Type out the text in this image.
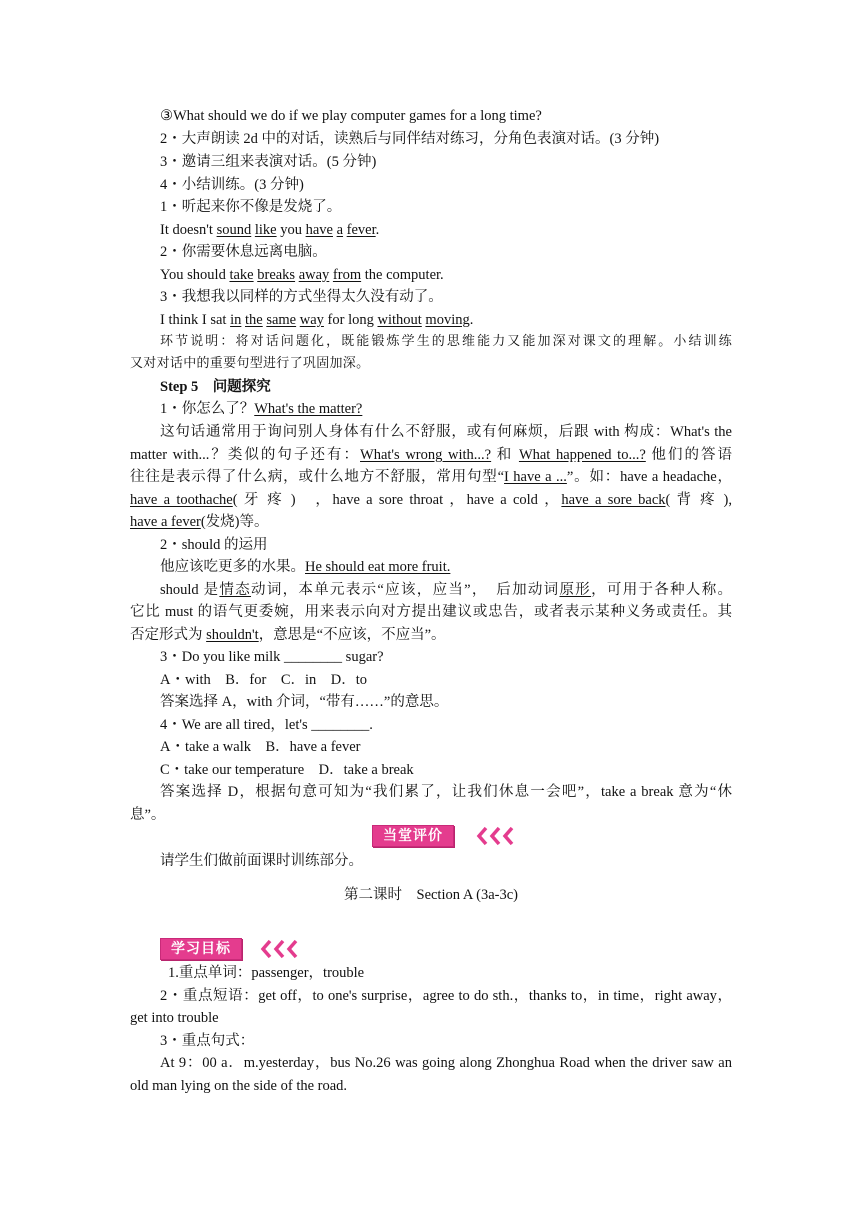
③What should we do if we play computer games for a long time?
2・大声朗读 2d 中的对话，读熟后与同伴结对练习，分角色表演对话。(3 分钟)
3・邀请三组来表演对话。(5 分钟)
4・小结训练。(3 分钟)
1・听起来你不像是发烧了。
It doesn't sound like you have a fever.
2・你需要休息远离电脑。
You should take breaks away from the computer.
3・我想我以同样的方式坐得太久没有动了。
I think I sat in the same way for long without moving.
环节说明：将对话问题化，既能锻炼学生的思维能力又能加深对课文的理解。小结训练
又对对话中的重要句型进行了巩固加深。
Step 5　问题探究
1・你怎么了？What's the matter?
这句话通常用于询问别人身体有什么不舒服，或有何麻烦，后跟 with 构成：What's the
matter with...？类似的句子还有：What's wrong with...? 和 What happened to...? 他们的答语
往往是表示得了什么病，或什么地方不舒服，常用句型“I have a ...”。如：have a headache，
have a toothache( 牙 疼 )　，have a sore throat ，have a cold ，have a sore back( 背 疼 ),
have a fever(发烧)等。
2・should 的运用
他应该吃更多的水果。He should eat more fruit.
should 是情态动词，本单元表示“应该，应当”，　后加动词原形，可用于各种人称。
它比 must 的语气更委婉，用来表示向对方提出建议或忠告，或者表示某种义务或责任。其
否定形式为 shouldn't，意思是“不应该，不应当”。
3・Do you like milk ________ sugar?
A・with　B．for　C．in　D．to
答案选择 A，with 介词，“带有……”的意思。
4・We are all tired，let's ________.
A・take a walk　B．have a fever
C・take our temperature　D．take a break
答案选择 D，根据句意可知为“我们累了，让我们休息一会吧”，take a break 意为“休
息”。
当堂评价
请学生们做前面课时训练部分。
第二课时　Section A (3a-3c)
学习目标
1.重点单词：passenger，trouble
2・重点短语：get off，to one's surprise，agree to do sth.，thanks to，in time，right away，
get into trouble
3・重点句式：
At 9：00 a．m.yesterday，bus No.26 was going along Zhonghua Road when the driver saw an
old man lying on the side of the road.
